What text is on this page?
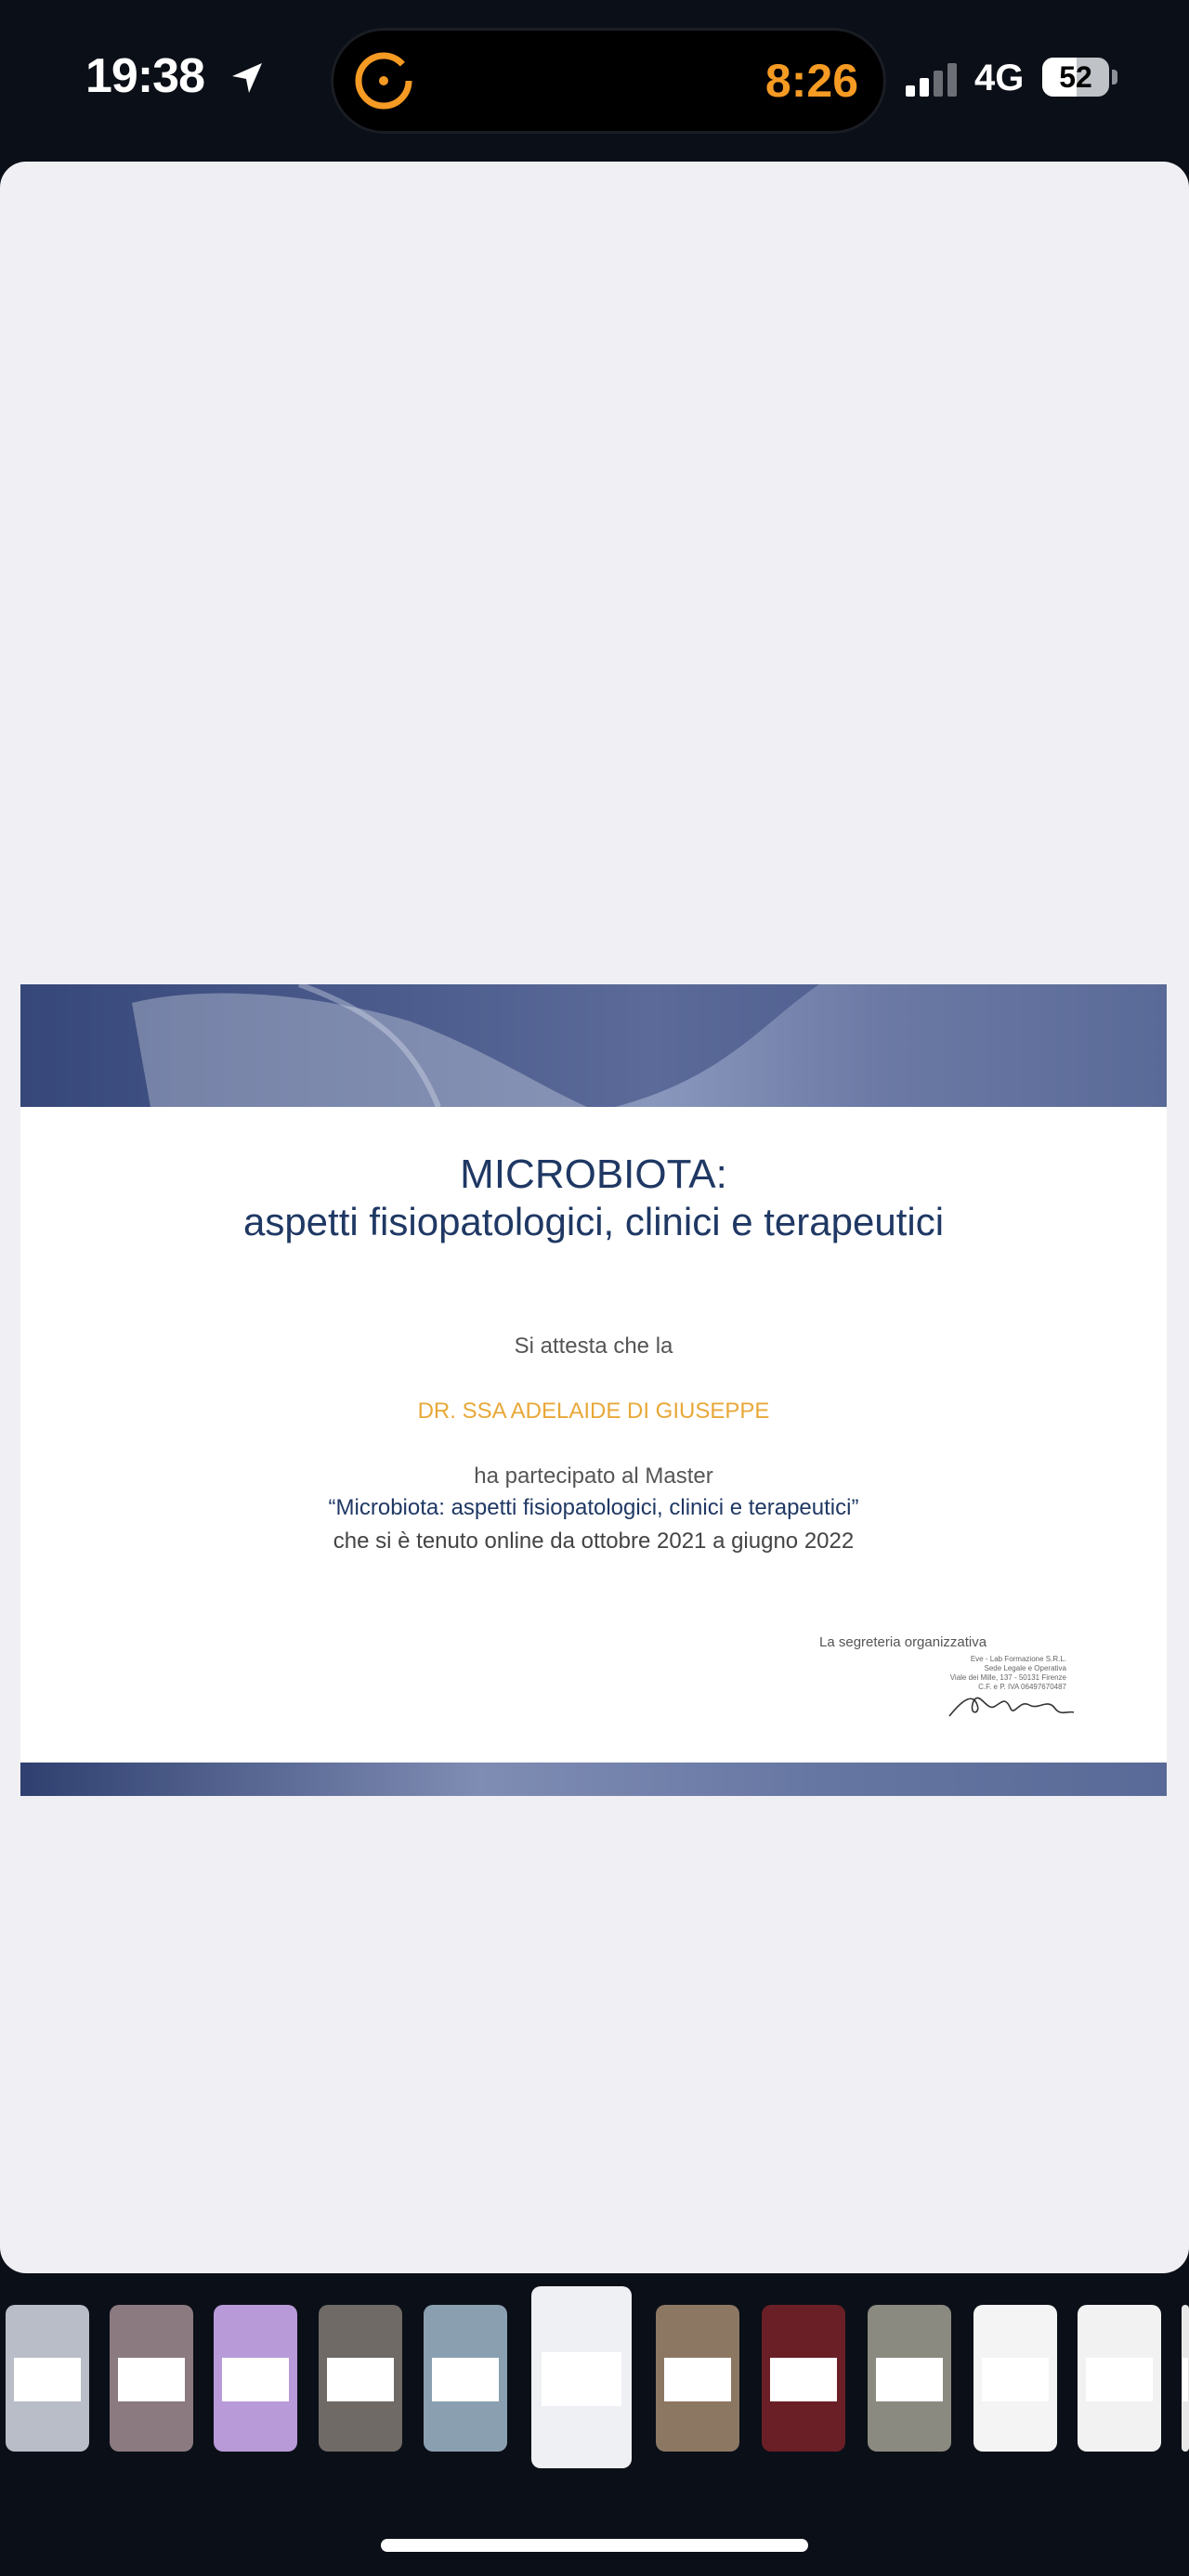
19:38	8:26	4G	52
MICROBIOTA:
aspetti fisiopatologici, clinici e terapeutici
Si attesta che la
DR. SSA ADELAIDE DI GIUSEPPE
ha partecipato al Master
“Microbiota: aspetti fisiopatologici, clinici e terapeutici”
che si è tenuto online da ottobre 2021 a giugno 2022
La segreteria organizzativa
Eve - Lab Formazione S.R.L.
Sede Legale e Operativa
Viale dei Mille, 137 - 50131 Firenze
C.F. e P. IVA 06497670487
